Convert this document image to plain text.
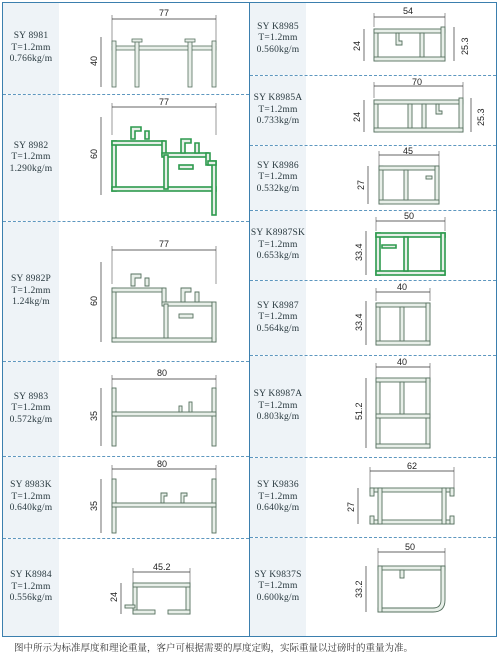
SY 8981
T=1.2mm
0.766kg/m
77
40
SY 8982
T=1.2mm
1.290kg/m
77
60
SY 8982P
T=1.2mm
1.24kg/m
77
60
SY 8983
T=1.2mm
0.572kg/m
80
35
SY 8983K
T=1.2mm
0.640kg/m
80
35
SY K8984
T=1.2mm
0.556kg/m
45.2
24
SY K8985
T=1.2mm
0.560kg/m
54
24	25.3
SY K8985A
T=1.2mm
0.733kg/m
70
24	25.3
SY K8986
T=1.2mm
0.532kg/m
45
27
SY K8987SK
T=1.2mm
0.653kg/m
50
33.4
SY K8987
T=1.2mm
0.564kg/m
40
33.4
SY K8987A
T=1.2mm
0.803kg/m
40
51.2
SY K9836
T=1.2mm
0.640kg/m
62
27
SY K9837S
T=1.2mm
0.600kg/m
50
33.2
图中所示为标准厚度和理论重量，客户可根据需要的厚度定购，实际重量以过磅时的重量为准。
